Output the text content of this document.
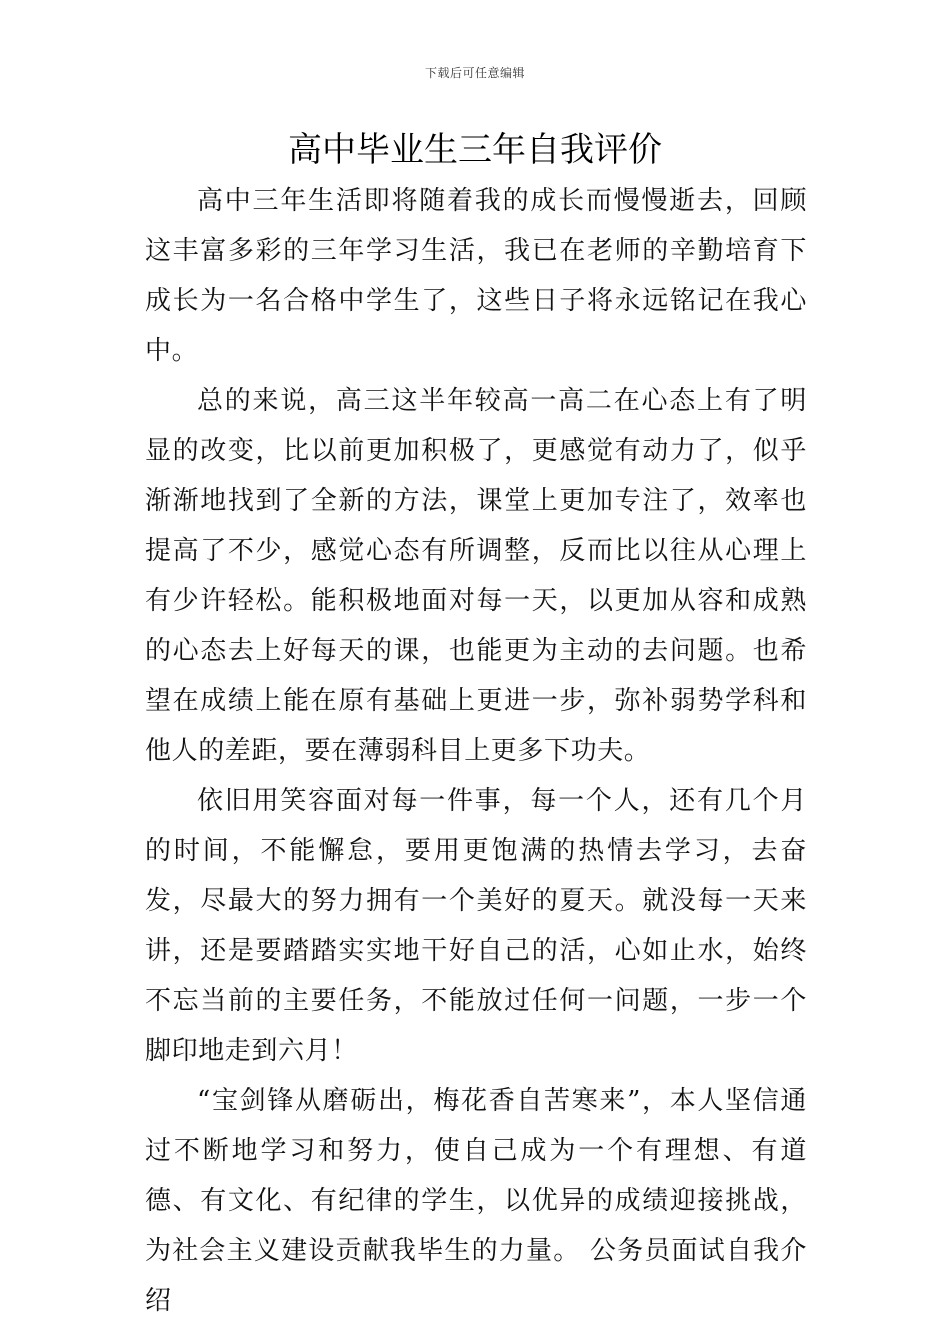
下载后可任意编辑
高中毕业生三年自我评价

高中三年生活即将随着我的成长而慢慢逝去，回顾这丰富多彩的三年学习生活，我已在老师的辛勤培育下成长为一名合格中学生了，这些日子将永远铭记在我心中。

总的来说，高三这半年较高一高二在心态上有了明显的改变，比以前更加积极了，更感觉有动力了，似乎渐渐地找到了全新的方法，课堂上更加专注了，效率也提高了不少，感觉心态有所调整，反而比以往从心理上有少许轻松。能积极地面对每一天，以更加从容和成熟的心态去上好每天的课，也能更为主动的去问题。也希望在成绩上能在原有基础上更进一步，弥补弱势学科和他人的差距，要在薄弱科目上更多下功夫。

依旧用笑容面对每一件事，每一个人，还有几个月的时间，不能懈怠，要用更饱满的热情去学习，去奋发，尽最大的努力拥有一个美好的夏天。就没每一天来讲，还是要踏踏实实地干好自己的活，心如止水，始终不忘当前的主要任务，不能放过任何一问题，一步一个脚印地走到六月！

“宝剑锋从磨砺出，梅花香自苦寒来”，本人坚信通过不断地学习和努力，使自己成为一个有理想、有道德、有文化、有纪律的学生，以优异的成绩迎接挑战，为社会主义建设贡献我毕生的力量。 公务员面试自我介绍
